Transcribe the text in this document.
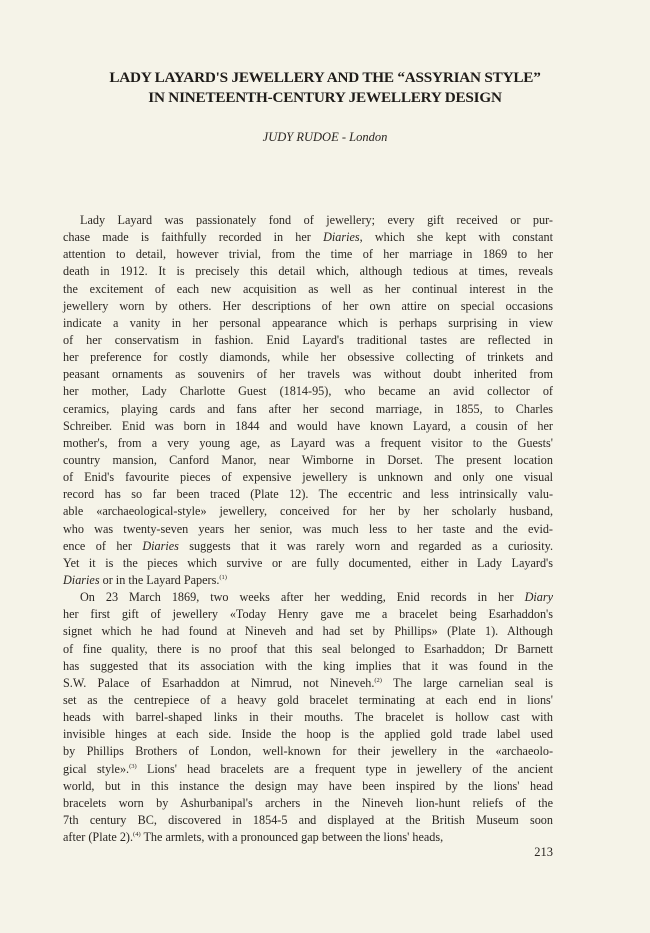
LADY LAYARD'S JEWELLERY AND THE “ASSYRIAN STYLE”
IN NINETEENTH-CENTURY JEWELLERY DESIGN
JUDY RUDOE - London
Lady Layard was passionately fond of jewellery; every gift received or pur-
chase made is faithfully recorded in her Diaries, which she kept with constant
attention to detail, however trivial, from the time of her marriage in 1869 to her
death in 1912. It is precisely this detail which, although tedious at times, reveals
the excitement of each new acquisition as well as her continual interest in the
jewellery worn by others. Her descriptions of her own attire on special occasions
indicate a vanity in her personal appearance which is perhaps surprising in view
of her conservatism in fashion. Enid Layard's traditional tastes are reflected in
her preference for costly diamonds, while her obsessive collecting of trinkets and
peasant ornaments as souvenirs of her travels was without doubt inherited from
her mother, Lady Charlotte Guest (1814-95), who became an avid collector of
ceramics, playing cards and fans after her second marriage, in 1855, to Charles
Schreiber. Enid was born in 1844 and would have known Layard, a cousin of her
mother's, from a very young age, as Layard was a frequent visitor to the Guests'
country mansion, Canford Manor, near Wimborne in Dorset. The present location
of Enid's favourite pieces of expensive jewellery is unknown and only one visual
record has so far been traced (Plate 12). The eccentric and less intrinsically valu-
able «archaeological-style» jewellery, conceived for her by her scholarly husband,
who was twenty-seven years her senior, was much less to her taste and the evid-
ence of her Diaries suggests that it was rarely worn and regarded as a curiosity.
Yet it is the pieces which survive or are fully documented, either in Lady Layard's
Diaries or in the Layard Papers.$^{(1)}$
On 23 March 1869, two weeks after her wedding, Enid records in her Diary
her first gift of jewellery «Today Henry gave me a bracelet being Esarhaddon's
signet which he had found at Nineveh and had set by Phillips» (Plate 1). Although
of fine quality, there is no proof that this seal belonged to Esarhaddon; Dr Barnett
has suggested that its association with the king implies that it was found in the
S.W. Palace of Esarhaddon at Nimrud, not Nineveh.$^{(2)}$ The large carnelian seal is
set as the centrepiece of a heavy gold bracelet terminating at each end in lions'
heads with barrel-shaped links in their mouths. The bracelet is hollow cast with
invisible hinges at each side. Inside the hoop is the applied gold trade label used
by Phillips Brothers of London, well-known for their jewellery in the «archaeolo-
gical style».$^{(3)}$ Lions' head bracelets are a frequent type in jewellery of the ancient
world, but in this instance the design may have been inspired by the lions' head
bracelets worn by Ashurbanipal's archers in the Nineveh lion-hunt reliefs of the
7th century BC, discovered in 1854-5 and displayed at the British Museum soon
after (Plate 2).$^{(4)}$ The armlets, with a pronounced gap between the lions' heads,
213
